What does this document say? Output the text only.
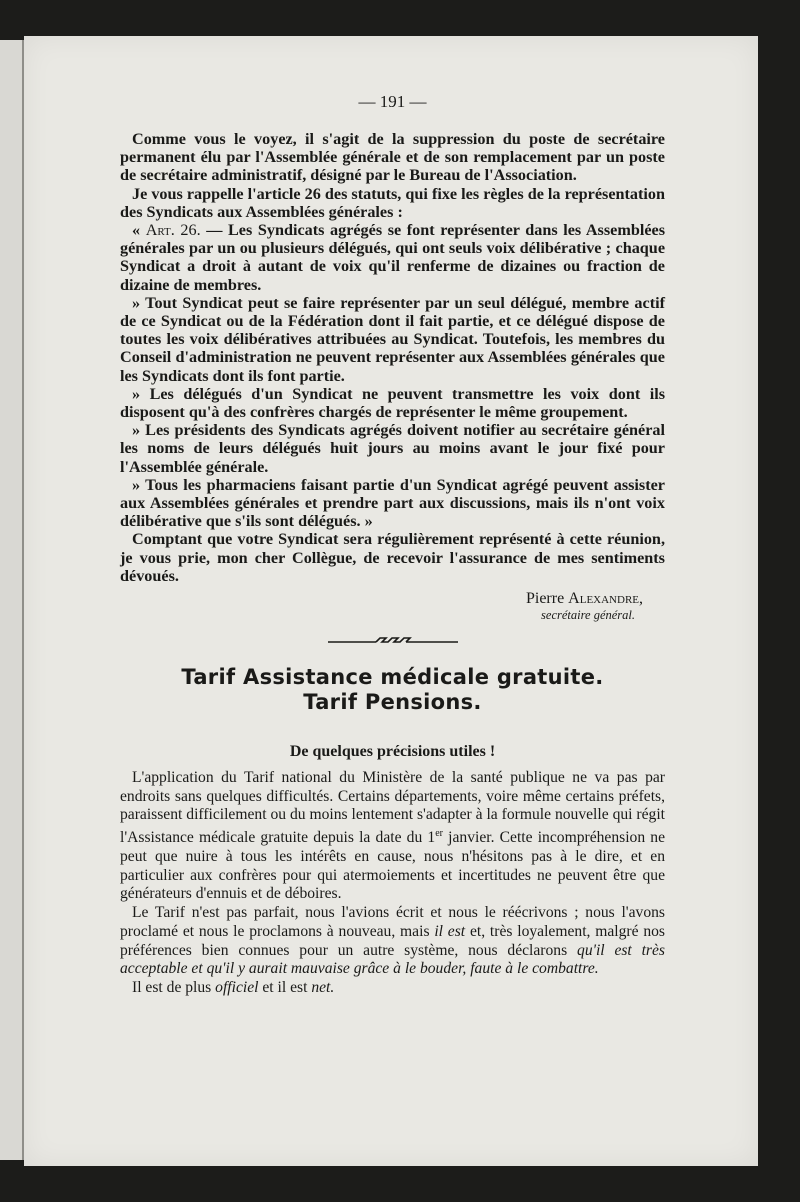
— 191 —

Comme vous le voyez, il s'agit de la suppression du poste de secrétaire permanent élu par l'Assemblée générale et de son remplacement par un poste de secrétaire administratif, désigné par le Bureau de l'Association.

Je vous rappelle l'article 26 des statuts, qui fixe les règles de la représentation des Syndicats aux Assemblées générales :

« Art. 26. — Les Syndicats agrégés se font représenter dans les Assemblées générales par un ou plusieurs délégués, qui ont seuls voix délibérative ; chaque Syndicat a droit à autant de voix qu'il renferme de dizaines ou fraction de dizaine de membres.

» Tout Syndicat peut se faire représenter par un seul délégué, membre actif de ce Syndicat ou de la Fédération dont il fait partie, et ce délégué dispose de toutes les voix délibératives attribuées au Syndicat. Toutefois, les membres du Conseil d'administration ne peuvent représenter aux Assemblées générales que les Syndicats dont ils font partie.

» Les délégués d'un Syndicat ne peuvent transmettre les voix dont ils disposent qu'à des confrères chargés de représenter le même groupement.

» Les présidents des Syndicats agrégés doivent notifier au secrétaire général les noms de leurs délégués huit jours au moins avant le jour fixé pour l'Assemblée générale.

» Tous les pharmaciens faisant partie d'un Syndicat agrégé peuvent assister aux Assemblées générales et prendre part aux discussions, mais ils n'ont voix délibérative que s'ils sont délégués. »

Comptant que votre Syndicat sera régulièrement représenté à cette réunion, je vous prie, mon cher Collègue, de recevoir l'assurance de mes sentiments dévoués.

Pierre Alexandre,
secrétaire général.
Tarif Assistance médicale gratuite.
Tarif Pensions.
De quelques précisions utiles !

L'application du Tarif national du Ministère de la santé publique ne va pas par endroits sans quelques difficultés. Certains départements, voire même certains préfets, paraissent difficilement ou du moins lentement s'adapter à la formule nouvelle qui régit l'Assistance médicale gratuite depuis la date du 1er janvier. Cette incompréhension ne peut que nuire à tous les intérêts en cause, nous n'hésitons pas à le dire, et en particulier aux confrères pour qui atermoiements et incertitudes ne peuvent être que générateurs d'ennuis et de déboires.

Le Tarif n'est pas parfait, nous l'avions écrit et nous le réécrivons ; nous l'avons proclamé et nous le proclamons à nouveau, mais il est et, très loyalement, malgré nos préférences bien connues pour un autre système, nous déclarons qu'il est très acceptable et qu'il y aurait mauvaise grâce à le bouder, faute à le combattre.

Il est de plus officiel et il est net.
